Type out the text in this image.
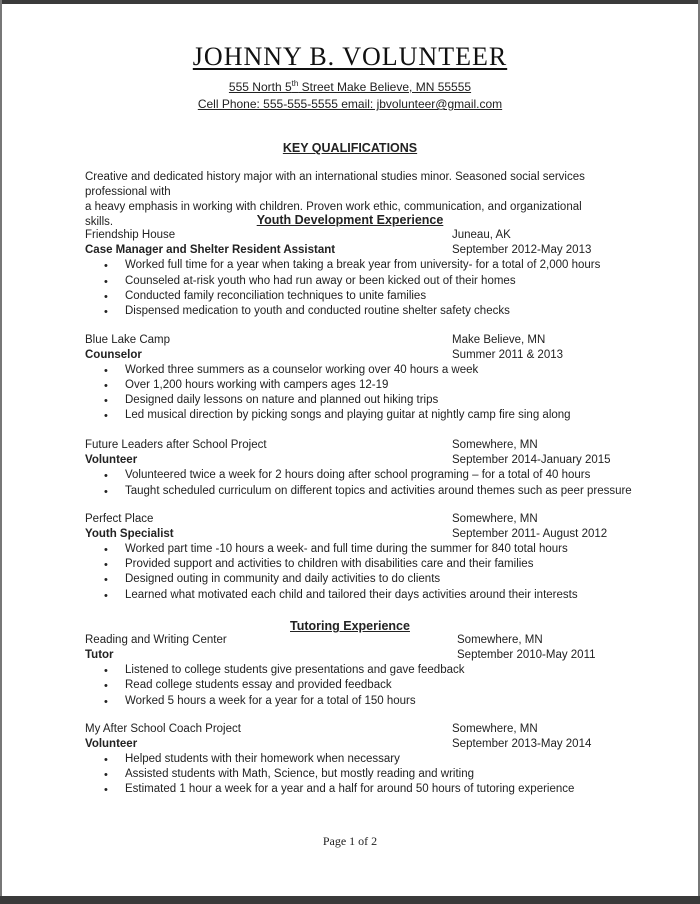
JOHNNY B. VOLUNTEER
555 North 5th Street Make Believe, MN 55555
Cell Phone: 555-555-5555 email: jbvolunteer@gmail.com
KEY QUALIFICATIONS
Creative and dedicated history major with an international studies minor. Seasoned social services professional with
a heavy emphasis in working with children. Proven work ethic, communication, and organizational skills.	Youth Development Experience
Friendship House	Juneau, AK
Case Manager and Shelter Resident Assistant	September 2012-May 2013
• Worked full time for a year when taking a break year from university- for a total of 2,000 hours
• Counseled at-risk youth who had run away or been kicked out of their homes
• Conducted family reconciliation techniques to unite families
• Dispensed medication to youth and conducted routine shelter safety checks
Blue Lake Camp	Make Believe, MN
Counselor	Summer 2011 & 2013
• Worked three summers as a counselor working over 40 hours a week
• Over 1,200 hours working with campers ages 12-19
• Designed daily lessons on nature and planned out hiking trips
• Led musical direction by picking songs and playing guitar at nightly camp fire sing along
Future Leaders after School Project	Somewhere, MN
Volunteer	September 2014-January 2015
• Volunteered twice a week for 2 hours doing after school programing – for a total of 40 hours
• Taught scheduled curriculum on different topics and activities around themes such as peer pressure
Perfect Place	Somewhere, MN
Youth Specialist	September 2011- August 2012
• Worked part time -10 hours a week- and full time during the summer for 840 total hours
• Provided support and activities to children with disabilities care and their families
• Designed outing in community and daily activities to do clients
• Learned what motivated each child and tailored their days activities around their interests
Tutoring Experience
Reading and Writing Center	Somewhere, MN
Tutor	September 2010-May 2011
• Listened to college students give presentations and gave feedback
• Read college students essay and provided feedback
• Worked 5 hours a week for a year for a total of 150 hours
My After School Coach Project	Somewhere, MN
Volunteer	September 2013-May 2014
• Helped students with their homework when necessary
• Assisted students with Math, Science, but mostly reading and writing
• Estimated 1 hour a week for a year and a half for around 50 hours of tutoring experience
Page 1 of 2
